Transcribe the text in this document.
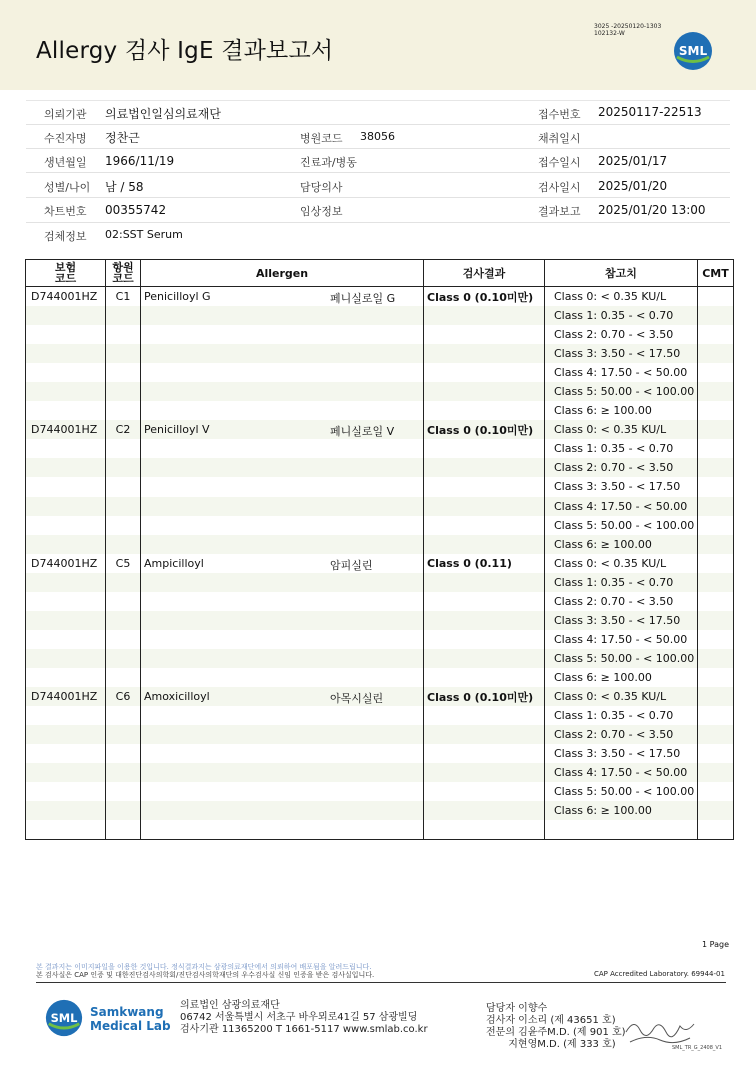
Allergy 검사 IgE 결과보고서
3025 -20250120-1303
102132-W
SML
의뢰기관 의료법인일심의료재단	접수번호 20250117-22513
수진자명 정찬근	병원코드 38056	채취일시
생년월일 1966/11/19	진료과/병동	접수일시 2025/01/17
성별/나이 남 / 58	담당의사	검사일시 2025/01/20
차트번호 00355742	임상정보	결과보고 2025/01/20 13:00
검체정보 02:SST Serum
보험
코드	항원
코드	Allergen	검사결과	참고치	CMT
D744001HZ	C1	Penicilloyl G 페니실로일 G	Class 0 (0.10미만)	Class 0: < 0.35 KU/L	
				Class 1: 0.35 - < 0.70	
				Class 2: 0.70 - < 3.50	
				Class 3: 3.50 - < 17.50	
				Class 4: 17.50 - < 50.00	
				Class 5: 50.00 - < 100.00	
				Class 6: ≥ 100.00	
D744001HZ	C2	Penicilloyl V 페니실로일 V	Class 0 (0.10미만)	Class 0: < 0.35 KU/L	
				Class 1: 0.35 - < 0.70	
				Class 2: 0.70 - < 3.50	
				Class 3: 3.50 - < 17.50	
				Class 4: 17.50 - < 50.00	
				Class 5: 50.00 - < 100.00	
				Class 6: ≥ 100.00	
D744001HZ	C5	Ampicilloyl 암피실린	Class 0 (0.11)	Class 0: < 0.35 KU/L	
				Class 1: 0.35 - < 0.70	
				Class 2: 0.70 - < 3.50	
				Class 3: 3.50 - < 17.50	
				Class 4: 17.50 - < 50.00	
				Class 5: 50.00 - < 100.00	
				Class 6: ≥ 100.00	
D744001HZ	C6	Amoxicilloyl 아목시실린	Class 0 (0.10미만)	Class 0: < 0.35 KU/L	
				Class 1: 0.35 - < 0.70	
				Class 2: 0.70 - < 3.50	
				Class 3: 3.50 - < 17.50	
				Class 4: 17.50 - < 50.00	
				Class 5: 50.00 - < 100.00	
				Class 6: ≥ 100.00	

1 Page
본 결과지는 이미지파일을 이용한 것입니다. 정식결과지는 삼광의료재단에서 의뢰하여 배포됨을 알려드립니다.
본 검사실은 CAP 인증 및 대한진단검사의학회/진단검사의학재단의 우수검사실 신임 인증을 받은 검사실입니다.	CAP Accredited Laboratory. 69944-01
SML Samkwang
Medical Lab
의료법인 삼광의료재단
06742 서울특별시 서초구 바우뫼로41길 57 삼광빌딩
검사기관 11365200 T 1661-5117 www.smlab.co.kr
담당자 이향수
검사자 이소리 (제 43651 호)
전문의 김윤주M.D. (제 901 호)
지현영M.D. (제 333 호)	SML_TR_G_2408_V1
